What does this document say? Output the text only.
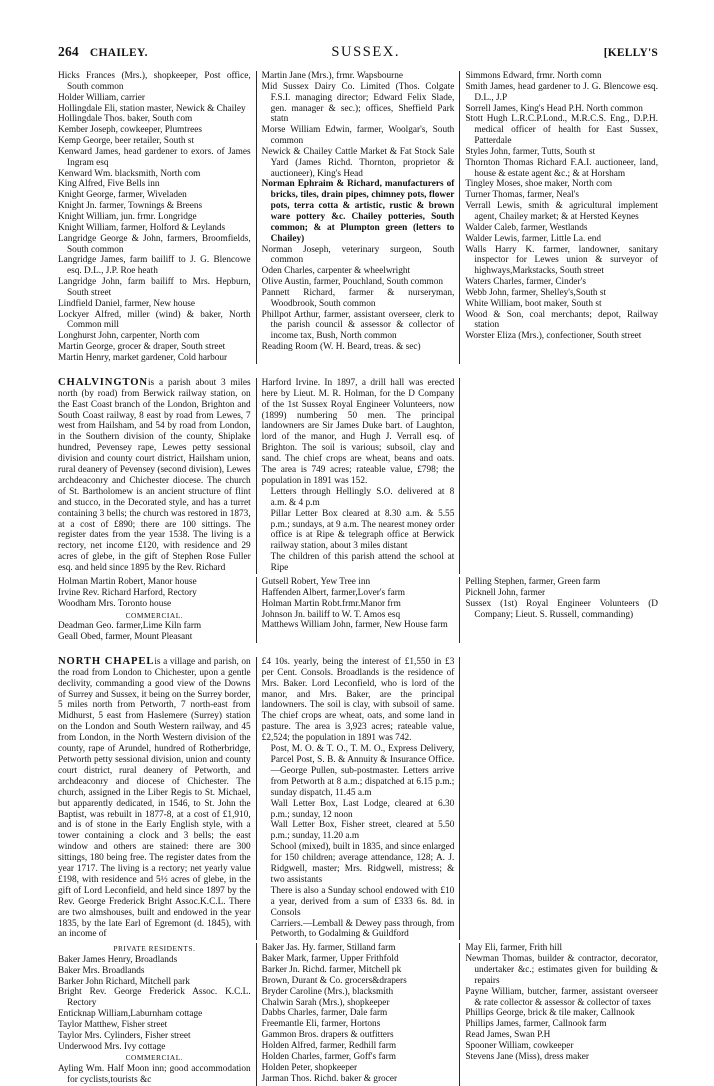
264 CHAILEY.	SUSSEX.	[KELLY'S

Hicks Frances (Mrs.), shopkeeper, Post office, South common

Holder William, carrier

Hollingdale Eli, station master, Newick & Chailey

Hollingdale Thos. baker, South com

Kember Joseph, cowkeeper, Plumtrees

Kemp George, beer retailer, South st

Kenward James, head gardener to exors. of James Ingram esq

Kenward Wm. blacksmith, North com

King Alfred, Five Bells inn

Knight George, farmer, Wiveladen

Knight Jn. farmer, Townings & Breens

Knight William, jun. frmr. Longridge

Knight William, farmer, Holford & Leylands

Langridge George & John, farmers, Broomfields, South common

Langridge James, farm bailiff to J. G. Blencowe esq. D.L., J.P. Roe heath

Langridge John, farm bailiff to Mrs. Hepburn, South street

Lindfield Daniel, farmer, New house

Lockyer Alfred, miller (wind) & baker, North Common mill

Longhurst John, carpenter, North com

Martin George, grocer & draper, South street

Martin Henry, market gardener, Cold harbour

Martin Jane (Mrs.), frmr. Wapsbourne

Mid Sussex Dairy Co. Limited (Thos. Colgate F.S.I. managing director; Edward Felix Slade, gen. manager & sec.); offices, Sheffield Park statn

Morse William Edwin, farmer, Woolgar's, South common

Newick & Chailey Cattle Market & Fat Stock Sale Yard (James Richd. Thornton, proprietor & auctioneer), King's Head

Norman Ephraim & Richard, manufacturers of bricks, tiles, drain pipes, chimney pots, flower pots, terra cotta & artistic, rustic & brown ware pottery &c. Chailey potteries, South common; & at Plumpton green (letters to Chailey)

Norman Joseph, veterinary surgeon, South common

Oden Charles, carpenter & wheelwright

Olive Austin, farmer, Pouchland, South common

Pannett Richard, farmer & nurseryman, Woodbrook, South common

Phillpot Arthur, farmer, assistant overseer, clerk to the parish council & assessor & collector of income tax, Bush, North common

Reading Room (W. H. Beard, treas. & sec)

Simmons Edward, frmr. North comn

Smith James, head gardener to J. G. Blencowe esq. D.L., J.P

Sorrell James, King's Head P.H. North common

Stott Hugh L.R.C.P.Lond., M.R.C.S. Eng., D.P.H. medical officer of health for East Sussex, Patterdale

Styles John, farmer, Tutts, South st

Thornton Thomas Richard F.A.I. auctioneer, land, house & estate agent &c.; & at Horsham

Tingley Moses, shoe maker, North com

Turner Thomas, farmer, Neal's

Verrall Lewis, smith & agricultural implement agent, Chailey market; & at Hersted Keynes

Walder Caleb, farmer, Westlands

Walder Lewis, farmer, Little La. end

Walls Harry K. farmer, landowner, sanitary inspector for Lewes union & surveyor of highways,Markstacks, South street

Waters Charles, farmer, Cinder's

Webb John, farmer, Shelley's,South st

White William, boot maker, South st

Wood & Son, coal merchants; depot, Railway station

Worster Eliza (Mrs.), confectioner, South street

CHALVINGTONis a parish about 3 miles north (by road) from Berwick railway station, on the East Coast branch of the London, Brighton and South Coast railway, 8 east by road from Lewes, 7 west from Hailsham, and 54 by road from London, in the Southern division of the county, Shiplake hundred, Pevensey rape, Lewes petty sessional division and county court district, Hailsham union, rural deanery of Pevensey (second division), Lewes archdeaconry and Chichester diocese. The church of St. Bartholomew is an ancient structure of flint and stucco, in the Decorated style, and has a turret containing 3 bells; the church was restored in 1873, at a cost of £890; there are 100 sittings. The register dates from the year 1538. The living is a rectory, net income £120, with residence and 29 acres of glebe, in the gift of Stephen Rose Fuller esq. and held since 1895 by the Rev. Richard

Harford Irvine. In 1897, a drill hall was erected here by Lieut. M. R. Holman, for the D Company of the 1st Sussex Royal Engineer Volunteers, now (1899) numbering 50 men. The principal landowners are Sir James Duke bart. of Laughton, lord of the manor, and Hugh J. Verrall esq. of Brighton. The soil is various; subsoil, clay and sand. The chief crops are wheat, beans and oats. The area is 749 acres; rateable value, £798; the population in 1891 was 152.

Letters through Hellingly S.O. delivered at 8 a.m. & 4 p.m

Pillar Letter Box cleared at 8.30 a.m. & 5.55 p.m.; sundays, at 9 a.m. The nearest money order office is at Ripe & telegraph office at Berwick railway station, about 3 miles distant

The children of this parish attend the school at Ripe

Holman Martin Robert, Manor house

Irvine Rev. Richard Harford, Rectory

Woodham Mrs. Toronto house

COMMERCIAL.

Deadman Geo. farmer,Lime Kiln farm

Geall Obed, farmer, Mount Pleasant

Gutsell Robert, Yew Tree inn

Haffenden Albert, farmer,Lover's farm

Holman Martin Robt.frmr.Manor frm

Johnson Jn. bailiff to W. T. Amos esq

Matthews William John, farmer, New House farm

Pelling Stephen, farmer, Green farm

Picknell John, farmer

Sussex (1st) Royal Engineer Volunteers (D Company; Lieut. S. Russell, commanding)

NORTH CHAPELis a village and parish, on the road from London to Chichester, upon a gentle declivity, commanding a good view of the Downs of Surrey and Sussex, it being on the Surrey border, 5 miles north from Petworth, 7 north-east from Midhurst, 5 east from Haslemere (Surrey) station on the London and South Western railway, and 45 from London, in the North Western division of the county, rape of Arundel, hundred of Rotherbridge, Petworth petty sessional division, union and county court district, rural deanery of Petworth, and archdeaconry and diocese of Chichester. The church, assigned in the Liber Regis to St. Michael, but apparently dedicated, in 1546, to St. John the Baptist, was rebuilt in 1877-8, at a cost of £1,910, and is of stone in the Early English style, with a tower containing a clock and 3 bells; the east window and others are stained: there are 300 sittings, 180 being free. The register dates from the year 1717. The living is a rectory; net yearly value £198, with residence and 5½ acres of glebe, in the gift of Lord Leconfield, and held since 1897 by the Rev. George Frederick Bright Assoc.K.C.L. There are two almshouses, built and endowed in the year 1835, by the late Earl of Egremont (d. 1845), with an income of

£4 10s. yearly, being the interest of £1,550 in £3 per Cent. Consols. Broadlands is the residence of Mrs. Baker. Lord Leconfield, who is lord of the manor, and Mrs. Baker, are the principal landowners. The soil is clay, with subsoil of same. The chief crops are wheat, oats, and some land in pasture. The area is 3,923 acres; rateable value, £2,524; the population in 1891 was 742.

Post, M. O. & T. O., T. M. O., Express Delivery, Parcel Post, S. B. & Annuity & Insurance Office.—George Pullen, sub-postmaster. Letters arrive from Petworth at 8 a.m.; dispatched at 6.15 p.m.; sunday dispatch, 11.45 a.m

Wall Letter Box, Last Lodge, cleared at 6.30 p.m.; sunday, 12 noon

Wall Letter Box, Fisher street, cleared at 5.50 p.m.; sunday, 11.20 a.m

School (mixed), built in 1835, and since enlarged for 150 children; average attendance, 128; A. J. Ridgwell, master; Mrs. Ridgwell, mistress; & two assistants

There is also a Sunday school endowed with £10 a year, derived from a sum of £333 6s. 8d. in Consols

Carriers.—Lemball & Dewey pass through, from Petworth, to Godalming & Guildford

PRIVATE RESIDENTS.

Baker James Henry, Broadlands

Baker Mrs. Broadlands

Barker John Richard, Mitchell park

Bright Rev. George Frederick Assoc. K.C.L. Rectory

Enticknap William,Laburnham cottage

Taylor Matthew, Fisher street

Taylor Mrs. Cylinders, Fisher street

Underwood Mrs. Ivy cottage

COMMERCIAL.

Ayling Wm. Half Moon inn; good accommodation for cyclists,tourists &c

Baker Jas. Hy. farmer, Stilland farm

Baker Mark, farmer, Upper Frithfold

Barker Jn. Richd. farmer, Mitchell pk

Brown, Durant & Co. grocers&drapers

Bryder Caroline (Mrs.), blacksmith

Chalwin Sarah (Mrs.), shopkeeper

Dabbs Charles, farmer, Dale farm

Freemantle Eli, farmer, Hortons

Gammon Bros. drapers & outfitters

Holden Alfred, farmer, Redhill farm

Holden Charles, farmer, Goff's farm

Holden Peter, shopkeeper

Jarman Thos. Richd. baker & grocer

May Eli, farmer, Frith hill

Newman Thomas, builder & contractor, decorator, undertaker &c.; estimates given for building & repairs

Payne William, butcher, farmer, assistant overseer & rate collector & assessor & collector of taxes

Phillips George, brick & tile maker, Callnook

Phillips James, farmer, Callnook farm

Read James, Swan P.H

Spooner William, cowkeeper

Stevens Jane (Miss), dress maker
